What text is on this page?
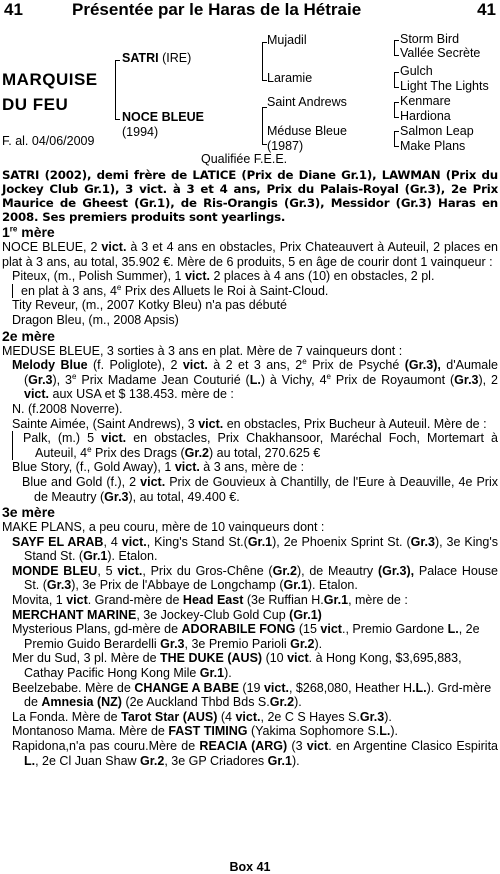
41	Présentée par le Haras de la Hétraie	41
MARQUISE
DU FEU
F. al. 04/06/2009
SATRI (IRE)
NOCE BLEUE
(1994)
Mujadil
Laramie
Saint Andrews
Méduse Bleue
(1987)
Storm Bird
Vallée Secrète
Gulch
Light The Lights
Kenmare
Hardiona
Salmon Leap
Make Plans
Qualifiée F.E.E.

SATRI (2002), demi frère de LATICE (Prix de Diane Gr.1), LAWMAN (Prix du Jockey Club Gr.1), 3 vict. à 3 et 4 ans, Prix du Palais-Royal (Gr.3), 2e Prix Maurice de Gheest (Gr.1), de Ris-Orangis (Gr.3), Messidor (Gr.3) Haras en 2008. Ses premiers produits sont yearlings.

1re mère

NOCE BLEUE, 2 vict. à 3 et 4 ans en obstacles, Prix Chateauvert à Auteuil, 2 places en plat à 3 ans, au total, 35.902 €. Mère de 6 produits, 5 en âge de courir dont 1 vainqueur :

Piteux, (m., Polish Summer), 1 vict. 2 places à 4 ans (10) en obstacles, 2 pl.

en plat à 3 ans, 4e Prix des Alluets le Roi à Saint-Cloud.

Tity Reveur, (m., 2007 Kotky Bleu) n'a pas débuté

Dragon Bleu, (m., 2008 Apsis)

2e mère

MEDUSE BLEUE, 3 sorties à 3 ans en plat. Mère de 7 vainqueurs dont :

Melody Blue (f. Poliglote), 2 vict. à 2 et 3 ans, 2e Prix de Psyché (Gr.3), d'Aumale (Gr.3), 3e Prix Madame Jean Couturié (L.) à Vichy, 4e Prix de Royaumont (Gr.3), 2 vict. aux USA et $ 138.453. mère de :

N. (f.2008 Noverre).

Sainte Aimée, (Saint Andrews), 3 vict. en obstacles, Prix Bucheur à Auteuil. Mère de :

Palk, (m.) 5 vict. en obstacles, Prix Chakhansoor, Maréchal Foch, Mortemart à Auteuil, 4e Prix des Drags (Gr.2) au total, 270.625 €

Blue Story, (f., Gold Away), 1 vict. à 3 ans, mère de :

Blue and Gold (f.), 2 vict. Prix de Gouvieux à Chantilly, de l'Eure à Deauville, 4e Prix de Meautry (Gr.3), au total, 49.400 €.

3e mère

MAKE PLANS, a peu couru, mère de 10 vainqueurs dont :

SAYF EL ARAB, 4 vict., King's Stand St.(Gr.1), 2e Phoenix Sprint St. (Gr.3), 3e King's Stand St. (Gr.1). Etalon.

MONDE BLEU, 5 vict., Prix du Gros-Chêne (Gr.2), de Meautry (Gr.3), Palace House St. (Gr.3), 3e Prix de l'Abbaye de Longchamp (Gr.1). Etalon.

Movita, 1 vict. Grand-mère de Head East (3e Ruffian H.Gr.1, mère de :

MERCHANT MARINE, 3e Jockey-Club Gold Cup (Gr.1)

Mysterious Plans, gd-mère de ADORABILE FONG (15 vict., Premio Gardone L., 2e Premio Guido Berardelli Gr.3, 3e Premio Parioli Gr.2).

Mer du Sud, 3 pl. Mère de THE DUKE (AUS) (10 vict. à Hong Kong, $3,695,883, Cathay Pacific Hong Kong Mile Gr.1).

Beelzebabe. Mère de CHANGE A BABE (19 vict., $268,080, Heather H.L.). Grd-mère de Amnesia (NZ) (2e Auckland Thbd Bds S.Gr.2).

La Fonda. Mère de Tarot Star (AUS) (4 vict., 2e C S Hayes S.Gr.3).

Montanoso Mama. Mère de FAST TIMING (Yakima Sophomore S.L.).

Rapidona,n'a pas couru.Mère de REACIA (ARG) (3 vict. en Argentine Clasico Espirita L., 2e Cl Juan Shaw Gr.2, 3e GP Criadores Gr.1).

Box 41
